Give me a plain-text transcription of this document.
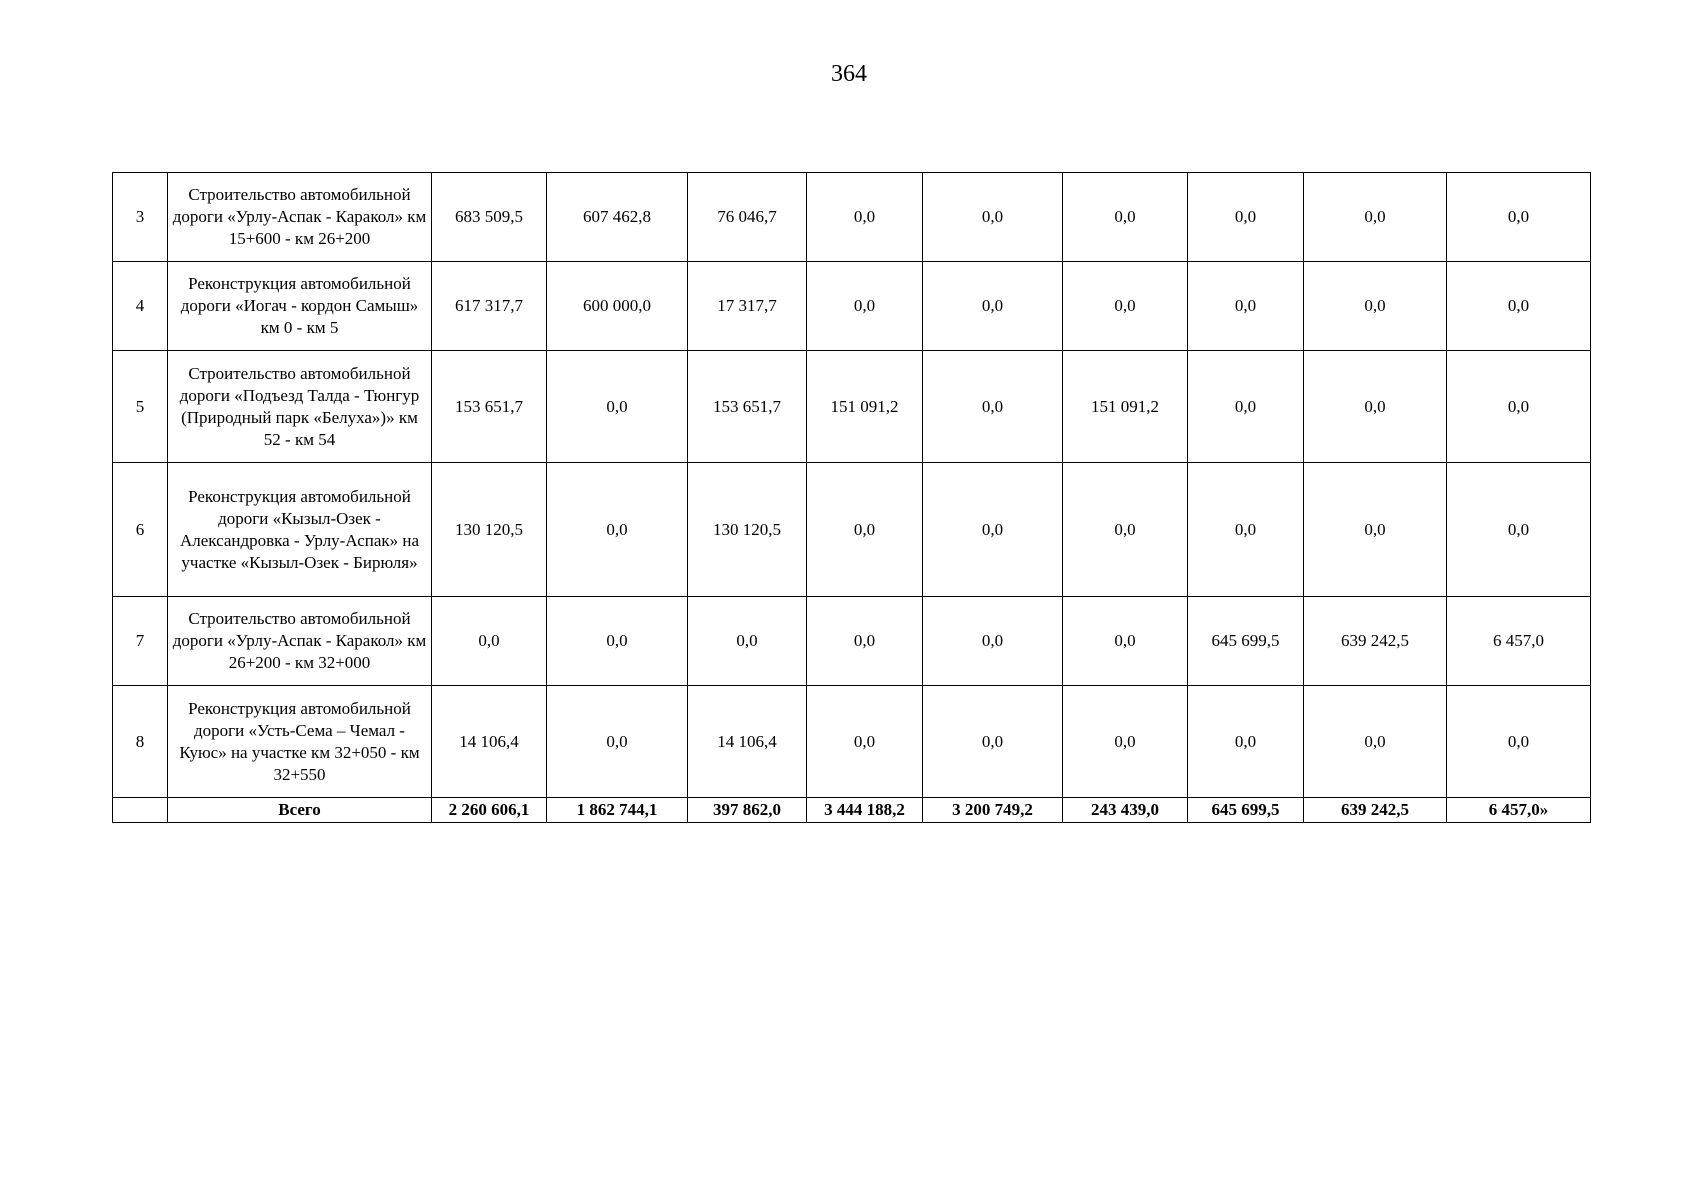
364
3	Строительство автомобильной дороги «Урлу-Аспак - Каракол» км 15+600 - км 26+200	683 509,5	607 462,8	76 046,7	0,0	0,0	0,0	0,0	0,0	0,0
4	Реконструкция автомобильной дороги «Иогач - кордон Самыш» км 0 - км 5	617 317,7	600 000,0	17 317,7	0,0	0,0	0,0	0,0	0,0	0,0
5	Строительство автомобильной дороги «Подъезд Талда - Тюнгур (Природный парк «Белуха»)» км 52 - км 54	153 651,7	0,0	153 651,7	151 091,2	0,0	151 091,2	0,0	0,0	0,0
6	Реконструкция автомобильной дороги «Кызыл-Озек - Александровка - Урлу-Аспак» на участке «Кызыл-Озек - Бирюля»	130 120,5	0,0	130 120,5	0,0	0,0	0,0	0,0	0,0	0,0
7	Строительство автомобильной дороги «Урлу-Аспак - Каракол» км 26+200 - км 32+000	0,0	0,0	0,0	0,0	0,0	0,0	645 699,5	639 242,5	6 457,0
8	Реконструкция автомобильной дороги «Усть-Сема – Чемал - Куюс» на участке км 32+050 - км 32+550	14 106,4	0,0	14 106,4	0,0	0,0	0,0	0,0	0,0	0,0
	Всего	2 260 606,1	1 862 744,1	397 862,0	3 444 188,2	3 200 749,2	243 439,0	645 699,5	639 242,5	6 457,0»
